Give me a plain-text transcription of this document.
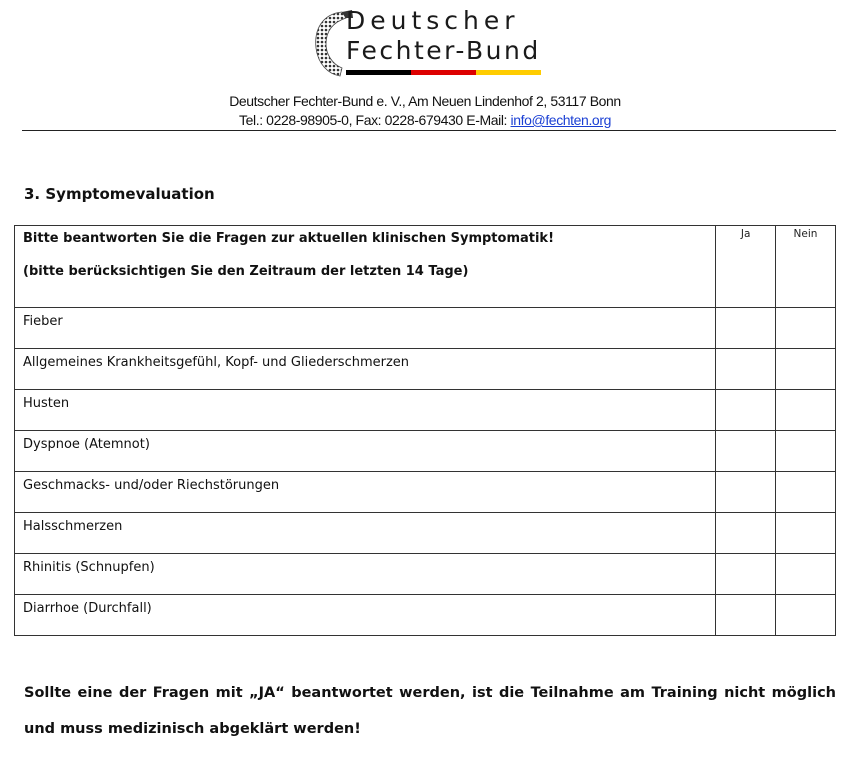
Deutscher
Fechter-Bund
Deutscher Fechter-Bund e. V., Am Neuen Lindenhof 2, 53117 Bonn
Tel.: 0228-98905-0, Fax: 0228-679430 E-Mail: info@fechten.org
3. Symptomevaluation

Bitte beantworten Sie die Fragen zur aktuellen klinischen Symptomatik!

(bitte berücksichtigen Sie den Zeitraum der letzten 14 Tage)	Ja	Nein
Fieber		
Allgemeines Krankheitsgefühl, Kopf- und Gliederschmerzen		
Husten		
Dyspnoe (Atemnot)		
Geschmacks- und/oder Riechstörungen		
Halsschmerzen		
Rhinitis (Schnupfen)		
Diarrhoe (Durchfall)		
Sollte eine der Fragen mit „JA“ beantwortet werden, ist die Teilnahme am Training nicht möglich und muss medizinisch abgeklärt werden!
